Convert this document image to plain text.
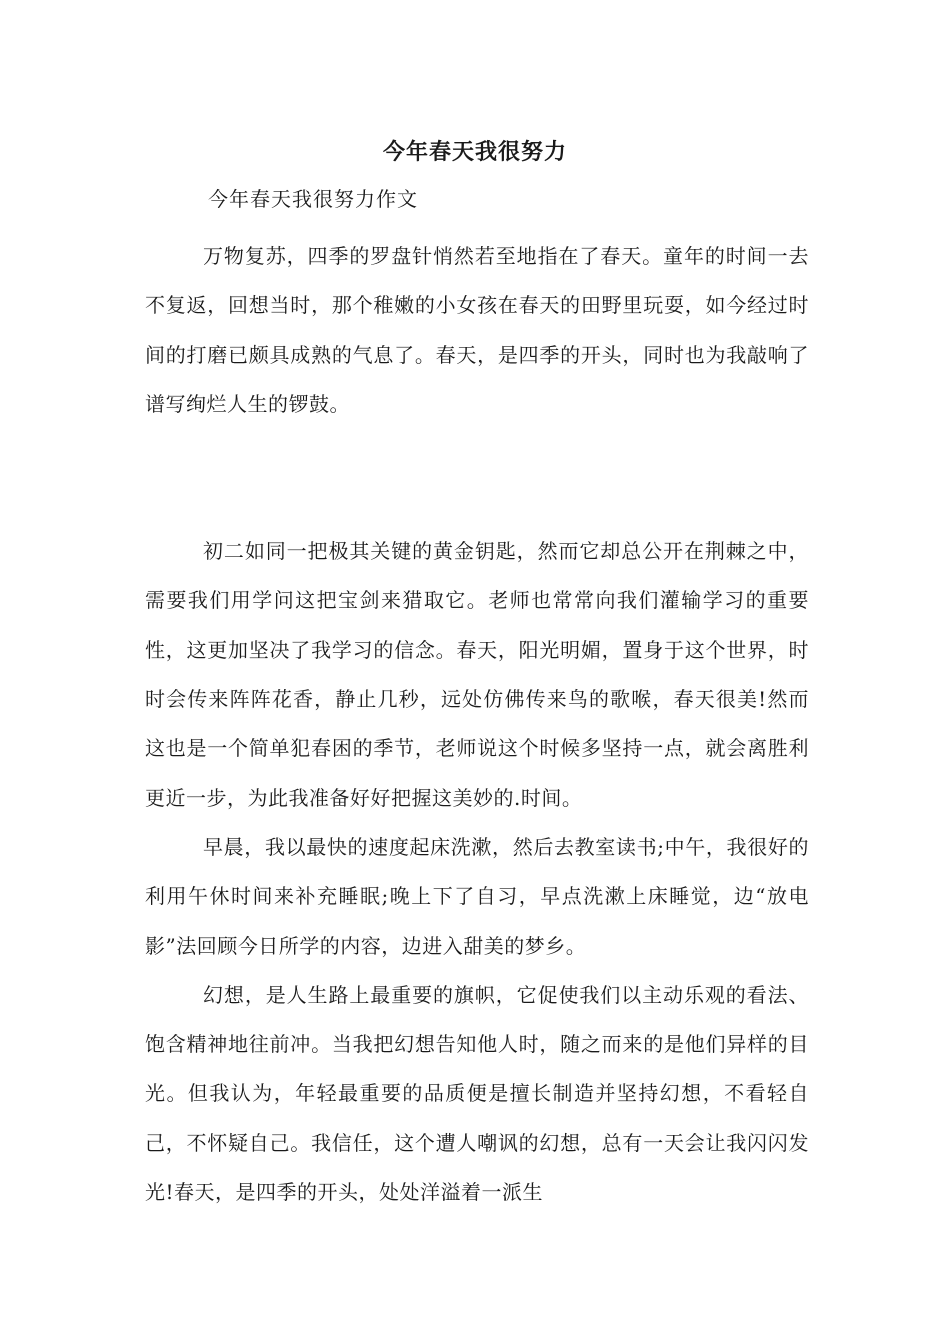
今年春天我很努力
今年春天我很努力作文

万物复苏，四季的罗盘针悄然若至地指在了春天。童年的时间一去不复返，回想当时，那个稚嫩的小女孩在春天的田野里玩耍，如今经过时间的打磨已颇具成熟的气息了。春天，是四季的开头，同时也为我敲响了谱写绚烂人生的锣鼓。

初二如同一把极其关键的黄金钥匙，然而它却总公开在荆棘之中，需要我们用学问这把宝剑来猎取它。老师也常常向我们灌输学习的重要性，这更加坚决了我学习的信念。春天，阳光明媚，置身于这个世界，时时会传来阵阵花香，静止几秒，远处仿佛传来鸟的歌喉，春天很美!然而这也是一个简单犯春困的季节，老师说这个时候多坚持一点，就会离胜利更近一步，为此我准备好好把握这美妙的.时间。

早晨，我以最快的速度起床洗漱，然后去教室读书;中午，我很好的利用午休时间来补充睡眠;晚上下了自习，早点洗漱上床睡觉，边“放电影”法回顾今日所学的内容，边进入甜美的梦乡。

幻想，是人生路上最重要的旗帜，它促使我们以主动乐观的看法、饱含精神地往前冲。当我把幻想告知他人时，随之而来的是他们异样的目光。但我认为，年轻最重要的品质便是擅长制造并坚持幻想，不看轻自己，不怀疑自己。我信任，这个遭人嘲讽的幻想，总有一天会让我闪闪发光!春天，是四季的开头，处处洋溢着一派生
